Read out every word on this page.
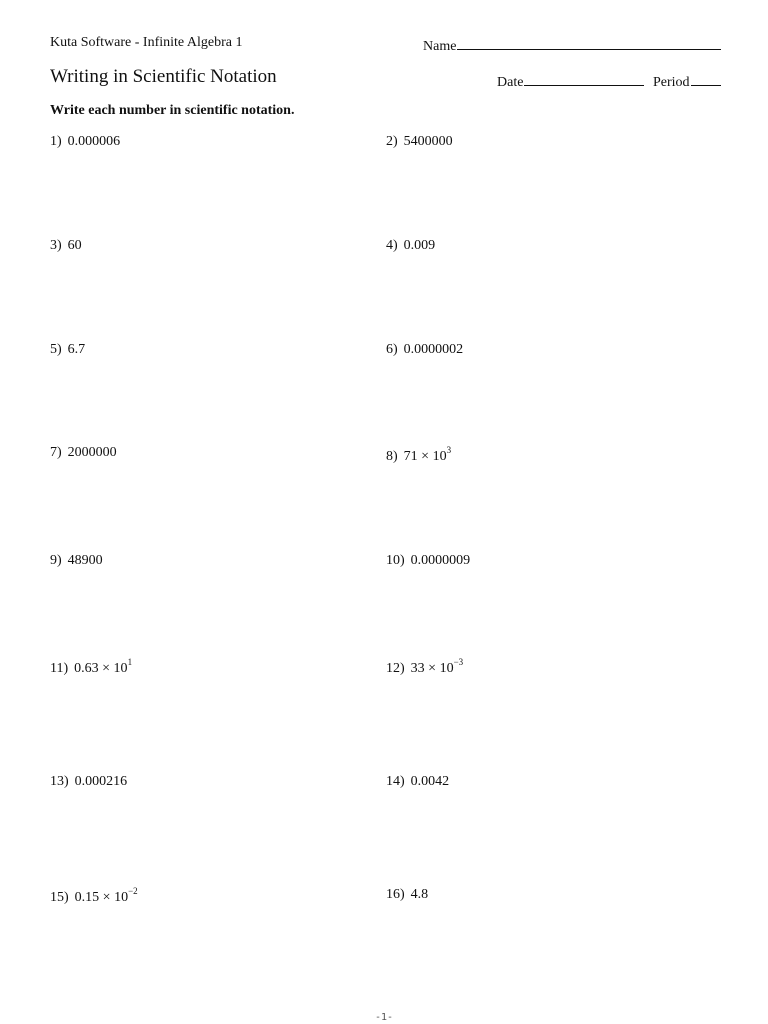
Kuta Software - Infinite Algebra 1	Name
Writing in Scientific Notation	Date	Period
Write each number in scientific notation.
1) 0.000006	2) 5400000
3) 60	4) 0.009
5) 6.7	6) 0.0000002
7) 2000000	8) $71 \times 10^3$
9) 48900	10) 0.0000009
11) $0.63 \times 10^1$	12) $33 \times 10^{-3}$
13) 0.000216	14) 0.0042
15) $0.15 \times 10^{-2}$	16) 4.8
-1-
